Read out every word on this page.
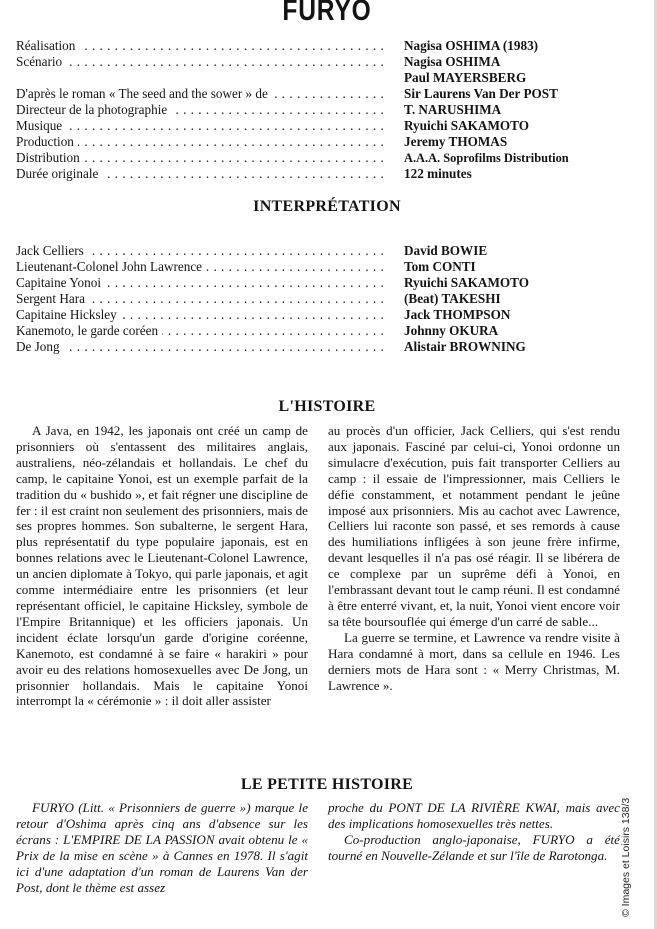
FURYO
Réalisation . . .	Nagisa OSHIMA (1983)
Scénario . . .	Nagisa OSHIMA
Paul MAYERSBERG
D'après le roman « The seed and the sower » de . . .	Sir Laurens Van Der POST
Directeur de la photographie . . .	T. NARUSHIMA
Musique . . .	Ryuichi SAKAMOTO
Production . . .	Jeremy THOMAS
Distribution . . .	A.A.A. Soprofilms Distribution
Durée originale . . .	122 minutes
INTERPRÉTATION
Jack Celliers . . .	David BOWIE
Lieutenant-Colonel John Lawrence . . .	Tom CONTI
Capitaine Yonoi . . .	Ryuichi SAKAMOTO
Sergent Hara . . .	(Beat) TAKESHI
Capitaine Hicksley . . .	Jack THOMPSON
Kanemoto, le garde coréen . . .	Johnny OKURA
De Jong . . .	Alistair BROWNING
L'HISTOIRE

A Java, en 1942, les japonais ont créé un camp de prisonniers où s'entassent des militaires anglais, australiens, néo-zélandais et hollandais. Le chef du camp, le capitaine Yonoi, est un exemple parfait de la tradition du « bushido », et fait régner une discipline de fer : il est craint non seulement des prisonniers, mais de ses propres hommes. Son subalterne, le sergent Hara, plus représentatif du type populaire japonais, est en bonnes relations avec le Lieutenant-Colonel Lawrence, un ancien diplomate à Tokyo, qui parle japonais, et agit comme intermédiaire entre les prisonniers (et leur représentant officiel, le capitaine Hicksley, symbole de l'Empire Britannique) et les officiers japonais. Un incident éclate lorsqu'un garde d'origine coréenne, Kanemoto, est condamné à se faire « harakiri » pour avoir eu des relations homosexuelles avec De Jong, un prisonnier hollandais. Mais le capitaine Yonoi interrompt la « cérémonie » : il doit aller assister

au procès d'un officier, Jack Celliers, qui s'est rendu aux japonais. Fasciné par celui-ci, Yonoi ordonne un simulacre d'exécution, puis fait transporter Celliers au camp : il essaie de l'impressionner, mais Celliers le défie constamment, et notamment pendant le jeûne imposé aux prisonniers. Mis au cachot avec Lawrence, Celliers lui raconte son passé, et ses remords à cause des humiliations infligées à son jeune frère infirme, devant lesquelles il n'a pas osé réagir. Il se libérera de ce complexe par un suprême défi à Yonoi, en l'embrassant devant tout le camp réuni. Il est condamné à être enterré vivant, et, la nuit, Yonoi vient encore voir sa tête boursouflée qui émerge d'un carré de sable...

La guerre se termine, et Lawrence va rendre visite à Hara condamné à mort, dans sa cellule en 1946. Les derniers mots de Hara sont : « Merry Christmas, M. Lawrence ».

LE PETITE HISTOIRE

FURYO (Litt. « Prisonniers de guerre ») marque le retour d'Oshima après cinq ans d'absence sur les écrans : L'EMPIRE DE LA PASSION avait obtenu le « Prix de la mise en scène » à Cannes en 1978. Il s'agit ici d'une adaptation d'un roman de Laurens Van der Post, dont le thème est assez

proche du PONT DE LA RIVIÈRE KWAI, mais avec des implications homosexuelles très nettes.

Co-production anglo-japonaise, FURYO a été tourné en Nouvelle-Zélande et sur l'île de Rarotonga.	© Images et Loisirs 138/3
